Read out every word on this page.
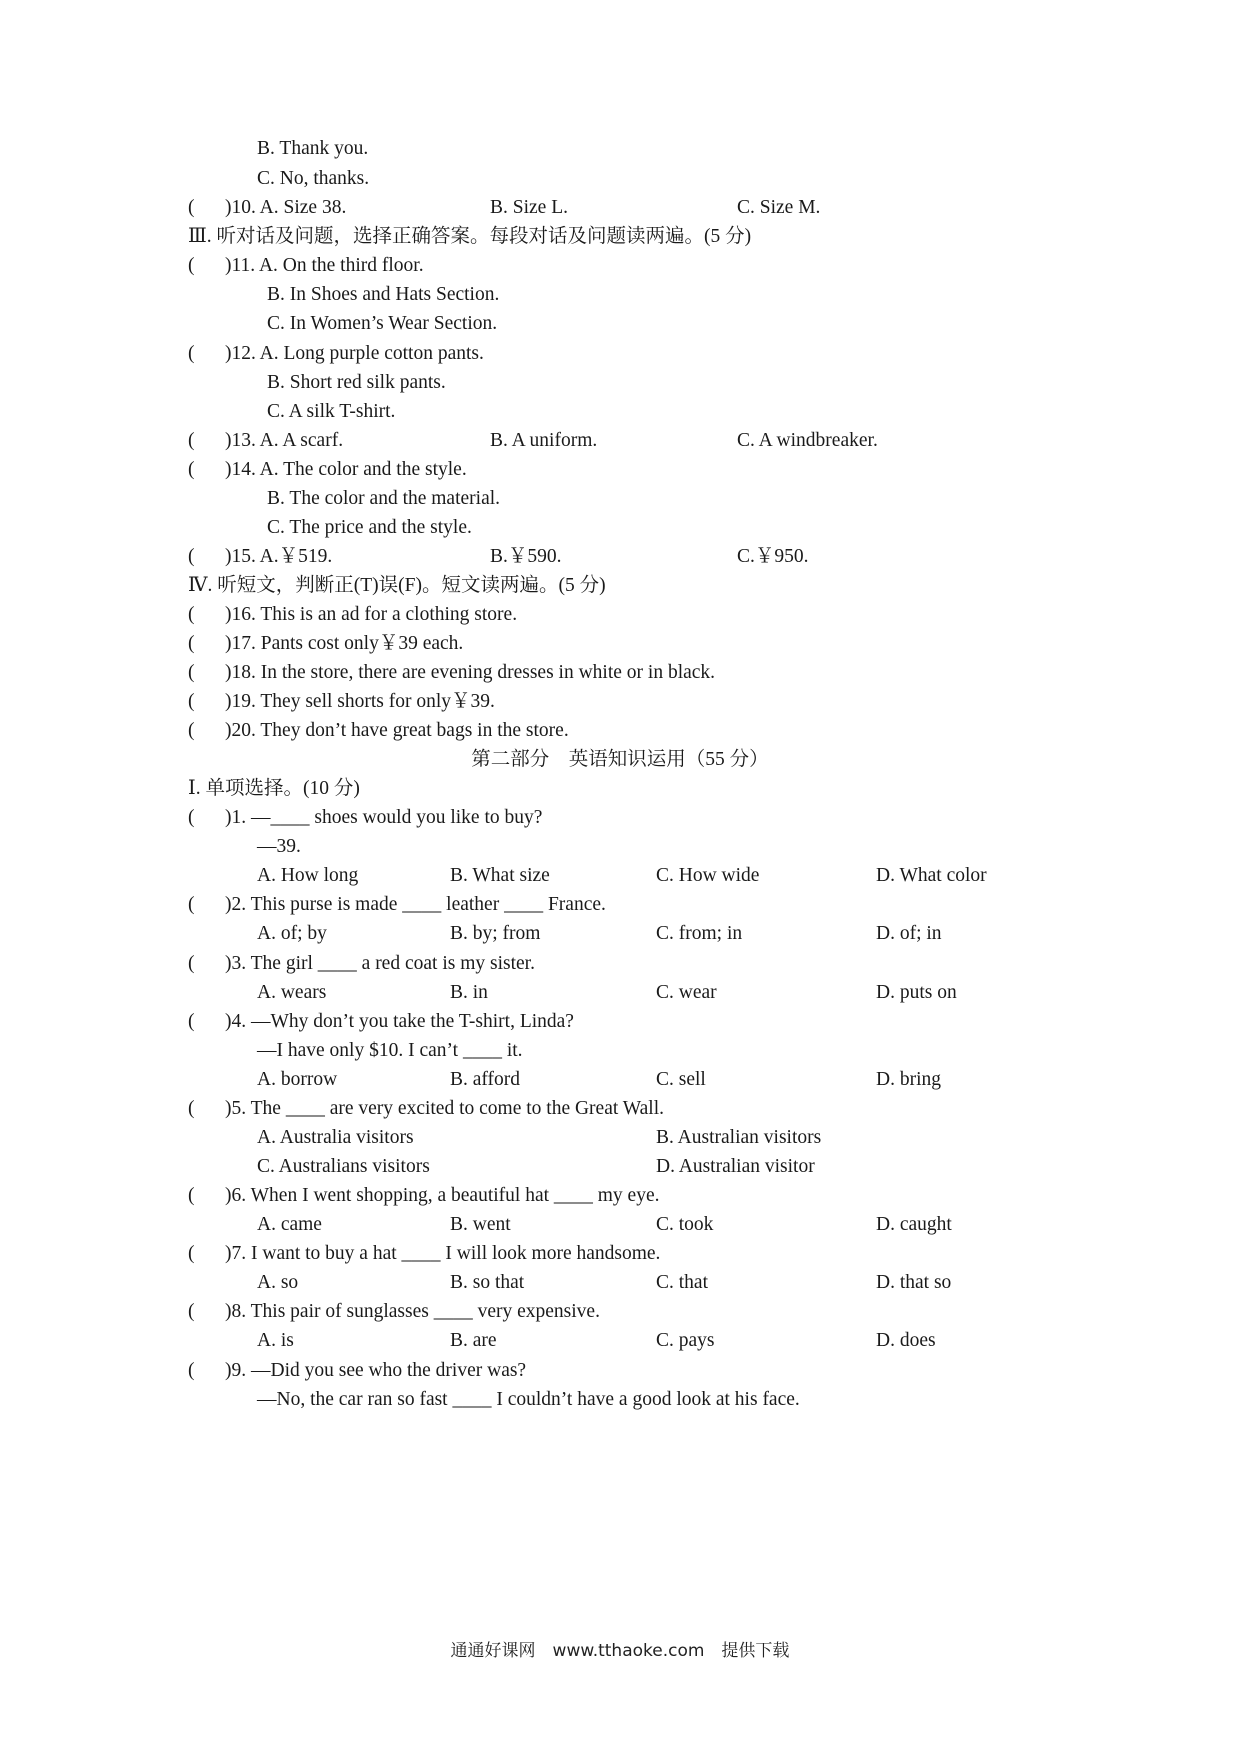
B. Thank you.
C. No, thanks.
( )10. A. Size 38.	B. Size L.	C. Size M.
Ⅲ. 听对话及问题，选择正确答案。每段对话及问题读两遍。(5 分)
( )11. A. On the third floor.
B. In Shoes and Hats Section.
C. In Women’s Wear Section.
( )12. A. Long purple cotton pants.
B. Short red silk pants.
C. A silk T-shirt.
( )13. A. A scarf.	B. A uniform.	C. A windbreaker.
( )14. A. The color and the style.
B. The color and the material.
C. The price and the style.
( )15. A.￥519.	B.￥590.	C.￥950.
Ⅳ. 听短文，判断正(T)误(F)。短文读两遍。(5 分)
( )16. This is an ad for a clothing store.
( )17. Pants cost only￥39 each.
( )18. In the store, there are evening dresses in white or in black.
( )19. They sell shorts for only￥39.
( )20. They don’t have great bags in the store.
第二部分　英语知识运用（55 分）
Ⅰ. 单项选择。(10 分)
( )1. —____ shoes would you like to buy?
—39.
A. How long	B. What size	C. How wide	D. What color
( )2. This purse is made ____ leather ____ France.
A. of; by	B. by; from	C. from; in	D. of; in
( )3. The girl ____ a red coat is my sister.
A. wears	B. in	C. wear	D. puts on
( )4. —Why don’t you take the T-shirt, Linda?
—I have only $10. I can’t ____ it.
A. borrow	B. afford	C. sell	D. bring
( )5. The ____ are very excited to come to the Great Wall.
A. Australia visitors	B. Australian visitors
C. Australians visitors	D. Australian visitor
( )6. When I went shopping, a beautiful hat ____ my eye.
A. came	B. went	C. took	D. caught
( )7. I want to buy a hat ____ I will look more handsome.
A. so	B. so that	C. that	D. that so
( )8. This pair of sunglasses ____ very expensive.
A. is	B. are	C. pays	D. does
( )9. —Did you see who the driver was?
—No, the car ran so fast ____ I couldn’t have a good look at his face.
通通好课网　www.tthaoke.com　提供下载
